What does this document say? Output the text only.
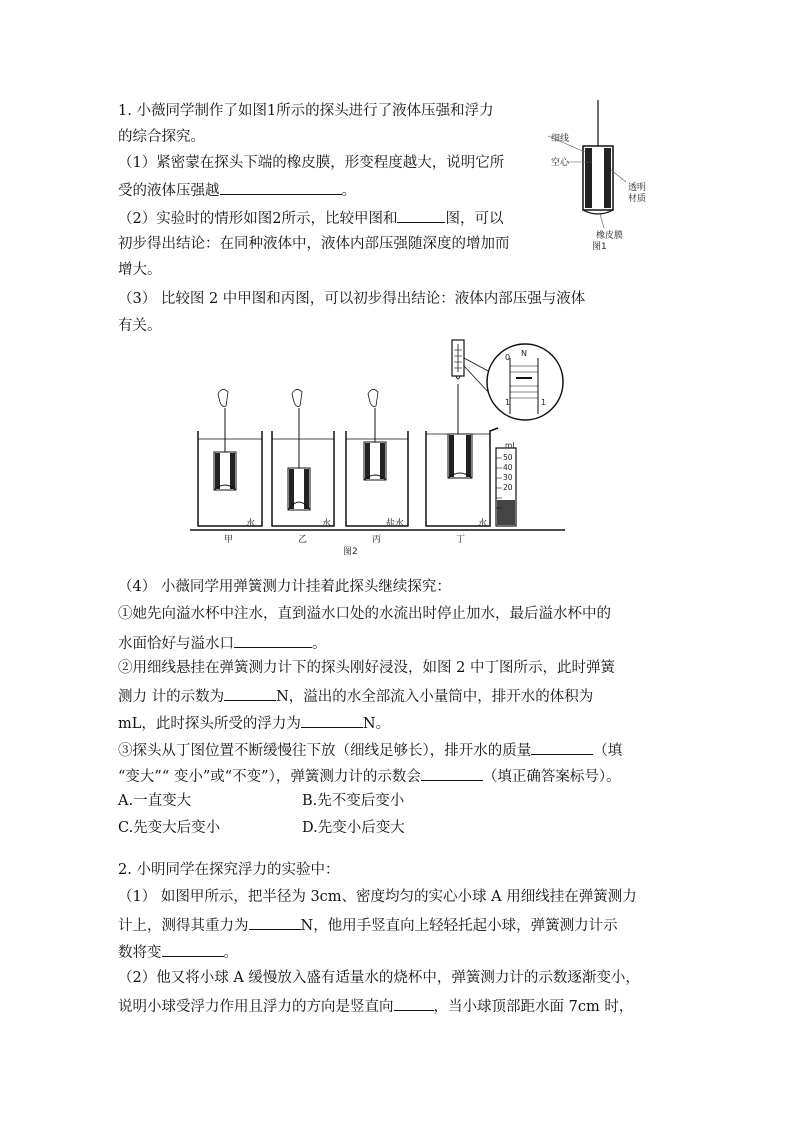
1. 小薇同学制作了如图1所示的探头进行了液体压强和浮力
的综合探究。
（1）紧密蒙在探头下端的橡皮膜，形变程度越大，说明它所
受的液体压强越	。
（2）实验时的情形如图2所示，比较甲图和	图，可以
初步得出结论：在同种液体中，液体内部压强随深度的增加而
增大。
（3） 比较图 2 中甲图和丙图，可以初步得出结论：液体内部压强与液体
有关。
细线
空心
透明
材质
橡皮膜
图1
水	水	盐水	水
甲	乙	丙	丁
图2
mL
50
40
30
20
10
N
0
1	1
（4） 小薇同学用弹簧测力计挂着此探头继续探究：
①她先向溢水杯中注水，直到溢水口处的水流出时停止加水，最后溢水杯中的
水面恰好与溢水口	。
②用细线悬挂在弹簧测力计下的探头刚好浸没，如图 2 中丁图所示，此时弹簧
测力 计的示数为	N，溢出的水全部流入小量筒中，排开水的体积为
mL，此时探头所受的浮力为	N。
③探头从丁图位置不断缓慢往下放（细线足够长），排开水的质量	（填
“变大”“ 变小”或“不变”），弹簧测力计的示数会	（填正确答案标号）。
A.一直变大	B.先不变后变小
C.先变大后变小	D.先变小后变大
2. 小明同学在探究浮力的实验中：
（1） 如图甲所示，把半径为 3cm、密度均匀的实心小球 A 用细线挂在弹簧测力
计上，测得其重力为	N，他用手竖直向上轻轻托起小球，弹簧测力计示
数将变	。
（2）他又将小球 A 缓慢放入盛有适量水的烧杯中，弹簧测力计的示数逐渐变小，
说明小球受浮力作用且浮力的方向是竖直向	，当小球顶部距水面 7cm 时，
